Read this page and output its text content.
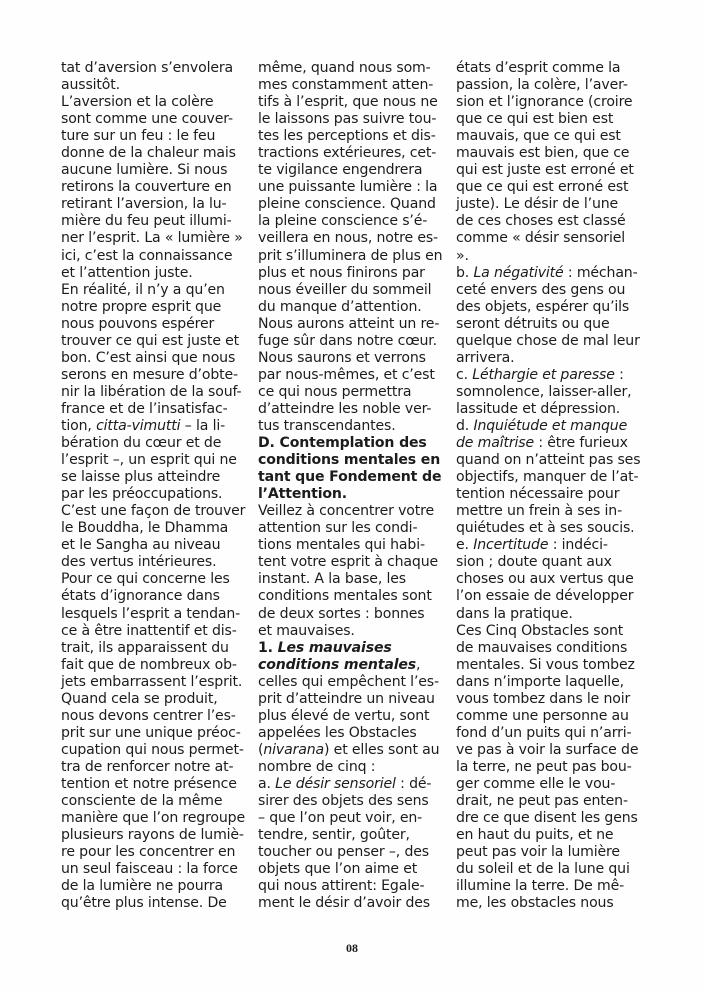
tat d’aversion s’envolera
aussitôt.
L’aversion et la colère
sont comme une couver-
ture sur un feu : le feu
donne de la chaleur mais
aucune lumière. Si nous
retirons la couverture en
retirant l’aversion, la lu-
mière du feu peut illumi-
ner l’esprit. La « lumière »
ici, c’est la connaissance
et l’attention juste.
En réalité, il n’y a qu’en
notre propre esprit que
nous pouvons espérer
trouver ce qui est juste et
bon. C’est ainsi que nous
serons en mesure d’obte-
nir la libération de la souf-
france et de l’insatisfac-
tion, citta-vimutti – la li-
bération du cœur et de
l’esprit –, un esprit qui ne
se laisse plus atteindre
par les préoccupations.
C’est une façon de trouver
le Bouddha, le Dhamma
et le Sangha au niveau
des vertus intérieures.
Pour ce qui concerne les
états d’ignorance dans
lesquels l’esprit a tendan-
ce à être inattentif et dis-
trait, ils apparaissent du
fait que de nombreux ob-
jets embarrassent l’esprit.
Quand cela se produit,
nous devons centrer l’es-
prit sur une unique préoc-
cupation qui nous permet-
tra de renforcer notre at-
tention et notre présence
consciente de la même
manière que l’on regroupe
plusieurs rayons de lumiè-
re pour les concentrer en
un seul faisceau : la force
de la lumière ne pourra
qu’être plus intense. De
même, quand nous som-
mes constamment atten-
tifs à l’esprit, que nous ne
le laissons pas suivre tou-
tes les perceptions et dis-
tractions extérieures, cet-
te vigilance engendrera
une puissante lumière : la
pleine conscience. Quand
la pleine conscience s’é-
veillera en nous, notre es-
prit s’illuminera de plus en
plus et nous finirons par
nous éveiller du sommeil
du manque d’attention.
Nous aurons atteint un re-
fuge sûr dans notre cœur.
Nous saurons et verrons
par nous-mêmes, et c’est
ce qui nous permettra
d’atteindre les noble ver-
tus transcendantes.
D. Contemplation des
conditions mentales en
tant que Fondement de
l’Attention.
Veillez à concentrer votre
attention sur les condi-
tions mentales qui habi-
tent votre esprit à chaque
instant. A la base, les
conditions mentales sont
de deux sortes : bonnes
et mauvaises.
1. Les mauvaises
conditions mentales,
celles qui empêchent l’es-
prit d’atteindre un niveau
plus élevé de vertu, sont
appelées les Obstacles
(nivarana) et elles sont au
nombre de cinq :
a. Le désir sensoriel : dé-
sirer des objets des sens
– que l’on peut voir, en-
tendre, sentir, goûter,
toucher ou penser –, des
objets que l’on aime et
qui nous attirent: Egale-
ment le désir d’avoir des
états d’esprit comme la
passion, la colère, l’aver-
sion et l’ignorance (croire
que ce qui est bien est
mauvais, que ce qui est
mauvais est bien, que ce
qui est juste est erroné et
que ce qui est erroné est
juste). Le désir de l’une
de ces choses est classé
comme « désir sensoriel
».
b. La négativité : méchan-
ceté envers des gens ou
des objets, espérer qu’ils
seront détruits ou que
quelque chose de mal leur
arrivera.
c. Léthargie et paresse :
somnolence, laisser-aller,
lassitude et dépression.
d. Inquiétude et manque
de maîtrise : être furieux
quand on n’atteint pas ses
objectifs, manquer de l’at-
tention nécessaire pour
mettre un frein à ses in-
quiétudes et à ses soucis.
e. Incertitude : indéci-
sion ; doute quant aux
choses ou aux vertus que
l’on essaie de développer
dans la pratique.
Ces Cinq Obstacles sont
de mauvaises conditions
mentales. Si vous tombez
dans n’importe laquelle,
vous tombez dans le noir
comme une personne au
fond d’un puits qui n’arri-
ve pas à voir la surface de
la terre, ne peut pas bou-
ger comme elle le vou-
drait, ne peut pas enten-
dre ce que disent les gens
en haut du puits, et ne
peut pas voir la lumière
du soleil et de la lune qui
illumine la terre. De mê-
me, les obstacles nous
08
